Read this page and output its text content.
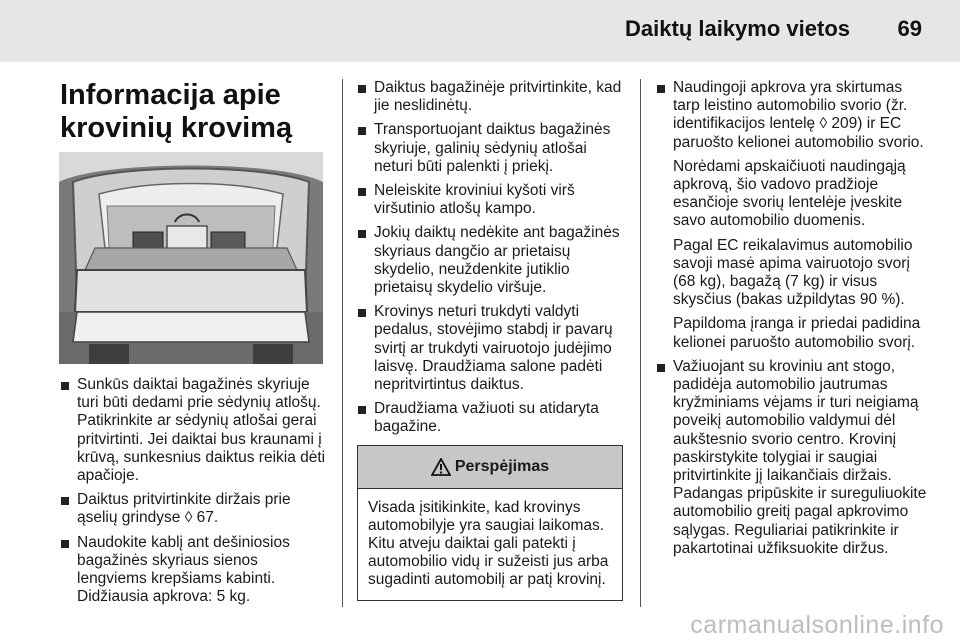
Daiktų laikymo vietos 69
Informacija apie krovinių krovimą
Sunkūs daiktai bagažinės skyriuje turi būti dedami prie sėdynių atlošų. Patikrinkite ar sėdynių atlošai gerai pritvirtinti. Jei daiktai bus kraunami į krūvą, sunkesnius daiktus reikia dėti apačioje.
Daiktus pritvirtinkite diržais prie ąselių grindyse ◊ 67.
Naudokite kablį ant dešiniosios bagažinės skyriaus sienos lengviems krepšiams kabinti. Didžiausia apkrova: 5 kg.
Daiktus bagažinėje pritvirtinkite, kad jie neslidinėtų.
Transportuojant daiktus bagažinės skyriuje, galinių sėdynių atlošai neturi būti palenkti į priekį.
Neleiskite kroviniui kyšoti virš viršutinio atlošų kampo.
Jokių daiktų nedėkite ant bagažinės skyriaus dangčio ar prietaisų skydelio, neuždenkite jutiklio prietaisų skydelio viršuje.
Krovinys neturi trukdyti valdyti pedalus, stovėjimo stabdį ir pavarų svirtį ar trukdyti vairuotojo judėjimo laisvę. Draudžiama salone padėti nepritvirtintus daiktus.
Draudžiama važiuoti su atidaryta bagažine.
Perspėjimas
Visada įsitikinkite, kad krovinys automobilyje yra saugiai laikomas. Kitu atveju daiktai gali patekti į automobilio vidų ir sužeisti jus arba sugadinti automobilį ar patį krovinį.
Naudingoji apkrova yra skirtumas tarp leistino automobilio svorio (žr. identifikacijos lentelę ◊ 209) ir EC paruošto kelionei automobilio svorio.

Norėdami apskaičiuoti naudingąją apkrovą, šio vadovo pradžioje esančioje svorių lentelėje įveskite savo automobilio duomenis.

Pagal EC reikalavimus automobilio savoji masė apima vairuotojo svorį (68 kg), bagažą (7 kg) ir visus skysčius (bakas užpildytas 90 %).

Papildoma įranga ir priedai padidina kelionei paruošto automobilio svorį.

Važiuojant su kroviniu ant stogo, padidėja automobilio jautrumas kryžminiams vėjams ir turi neigiamą poveikį automobilio valdymui dėl aukštesnio svorio centro. Krovinį paskirstykite tolygiai ir saugiai pritvirtinkite jį laikančiais diržais. Padangas pripūskite ir sureguliuokite automobilio greitį pagal apkrovimo sąlygas. Reguliariai patikrinkite ir pakartotinai užfiksuokite diržus.
carmanualsonline.info
